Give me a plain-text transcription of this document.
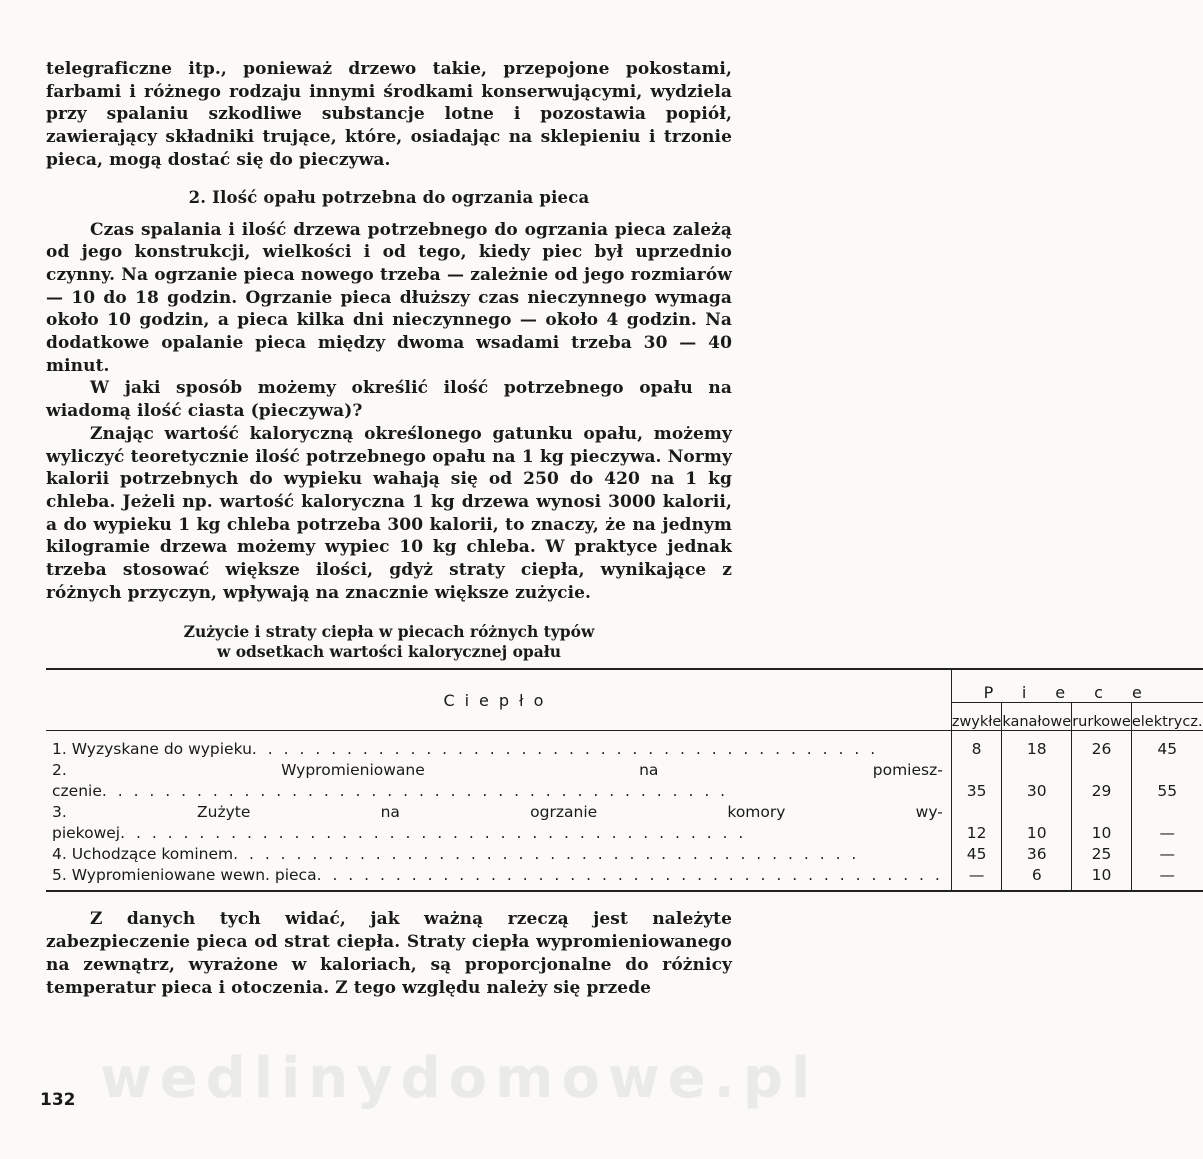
telegraficzne itp., ponieważ drzewo takie, przepojone pokostami, farbami i różnego rodzaju innymi środkami konserwującymi, wydziela przy spalaniu szkodliwe substancje lotne i pozostawia popiół, zawierający składniki trujące, które, osiadając na sklepieniu i trzonie pieca, mogą dostać się do pieczywa.

2. Ilość opału potrzebna do ogrzania pieca

Czas spalania i ilość drzewa potrzebnego do ogrzania pieca zależą od jego konstrukcji, wielkości i od tego, kiedy piec był uprzednio czynny. Na ogrzanie pieca nowego trzeba — zależnie od jego rozmiarów — 10 do 18 godzin. Ogrzanie pieca dłuższy czas nieczynnego wymaga około 10 godzin, a pieca kilka dni nieczynnego — około 4 godzin. Na dodatkowe opalanie pieca między dwoma wsadami trzeba 30 — 40 minut.

W jaki sposób możemy określić ilość potrzebnego opału na wiadomą ilość ciasta (pieczywa)?

Znając wartość kaloryczną określonego gatunku opału, możemy wyliczyć teoretycznie ilość potrzebnego opału na 1 kg pieczywa. Normy kalorii potrzebnych do wypieku wahają się od 250 do 420 na 1 kg chleba. Jeżeli np. wartość kaloryczna 1 kg drzewa wynosi 3000 kalorii, a do wypieku 1 kg chleba potrzeba 300 kalorii, to znaczy, że na jednym kilogramie drzewa możemy wypiec 10 kg chleba. W praktyce jednak trzeba stosować większe ilości, gdyż straty ciepła, wynikające z różnych przyczyn, wpływają na znacznie większe zużycie.

Zużycie i straty ciepła w piecach różnych typów
w odsetkach wartości kalorycznej opału
Ciepło	Piece			
	zwykłe	kanałowe	rurkowe	elektrycz.

1. Wyzyskane do wypieku . . . . . . . . . . . . . . . . . . . . . . . . . . . . . . . . . . . . . . . .	8	18	26	45

2. Wypromieniowane na pomiesz-
czenie . . . . . . . . . . . . . . . . . . . . . . . . . . . . . . . . . . . . . . . .	35	30	29	55

3. Zużyte na ogrzanie komory wy-
piekowej . . . . . . . . . . . . . . . . . . . . . . . . . . . . . . . . . . . . . . . .	12	10	10	—

4. Uchodzące kominem . . . . . . . . . . . . . . . . . . . . . . . . . . . . . . . . . . . . . . . .	45	36	25	—

5. Wypromieniowane wewn. pieca . . . . . . . . . . . . . . . . . . . . . . . . . . . . . . . . . . . . . . . .	—	6	10	—

Z danych tych widać, jak ważną rzeczą jest należyte zabezpieczenie pieca od strat ciepła. Straty ciepła wypromieniowanego na zewnątrz, wyrażone w kaloriach, są proporcjonalne do różnicy temperatur pieca i otoczenia. Z tego względu należy się przede

wedlinydomowe.pl
132
